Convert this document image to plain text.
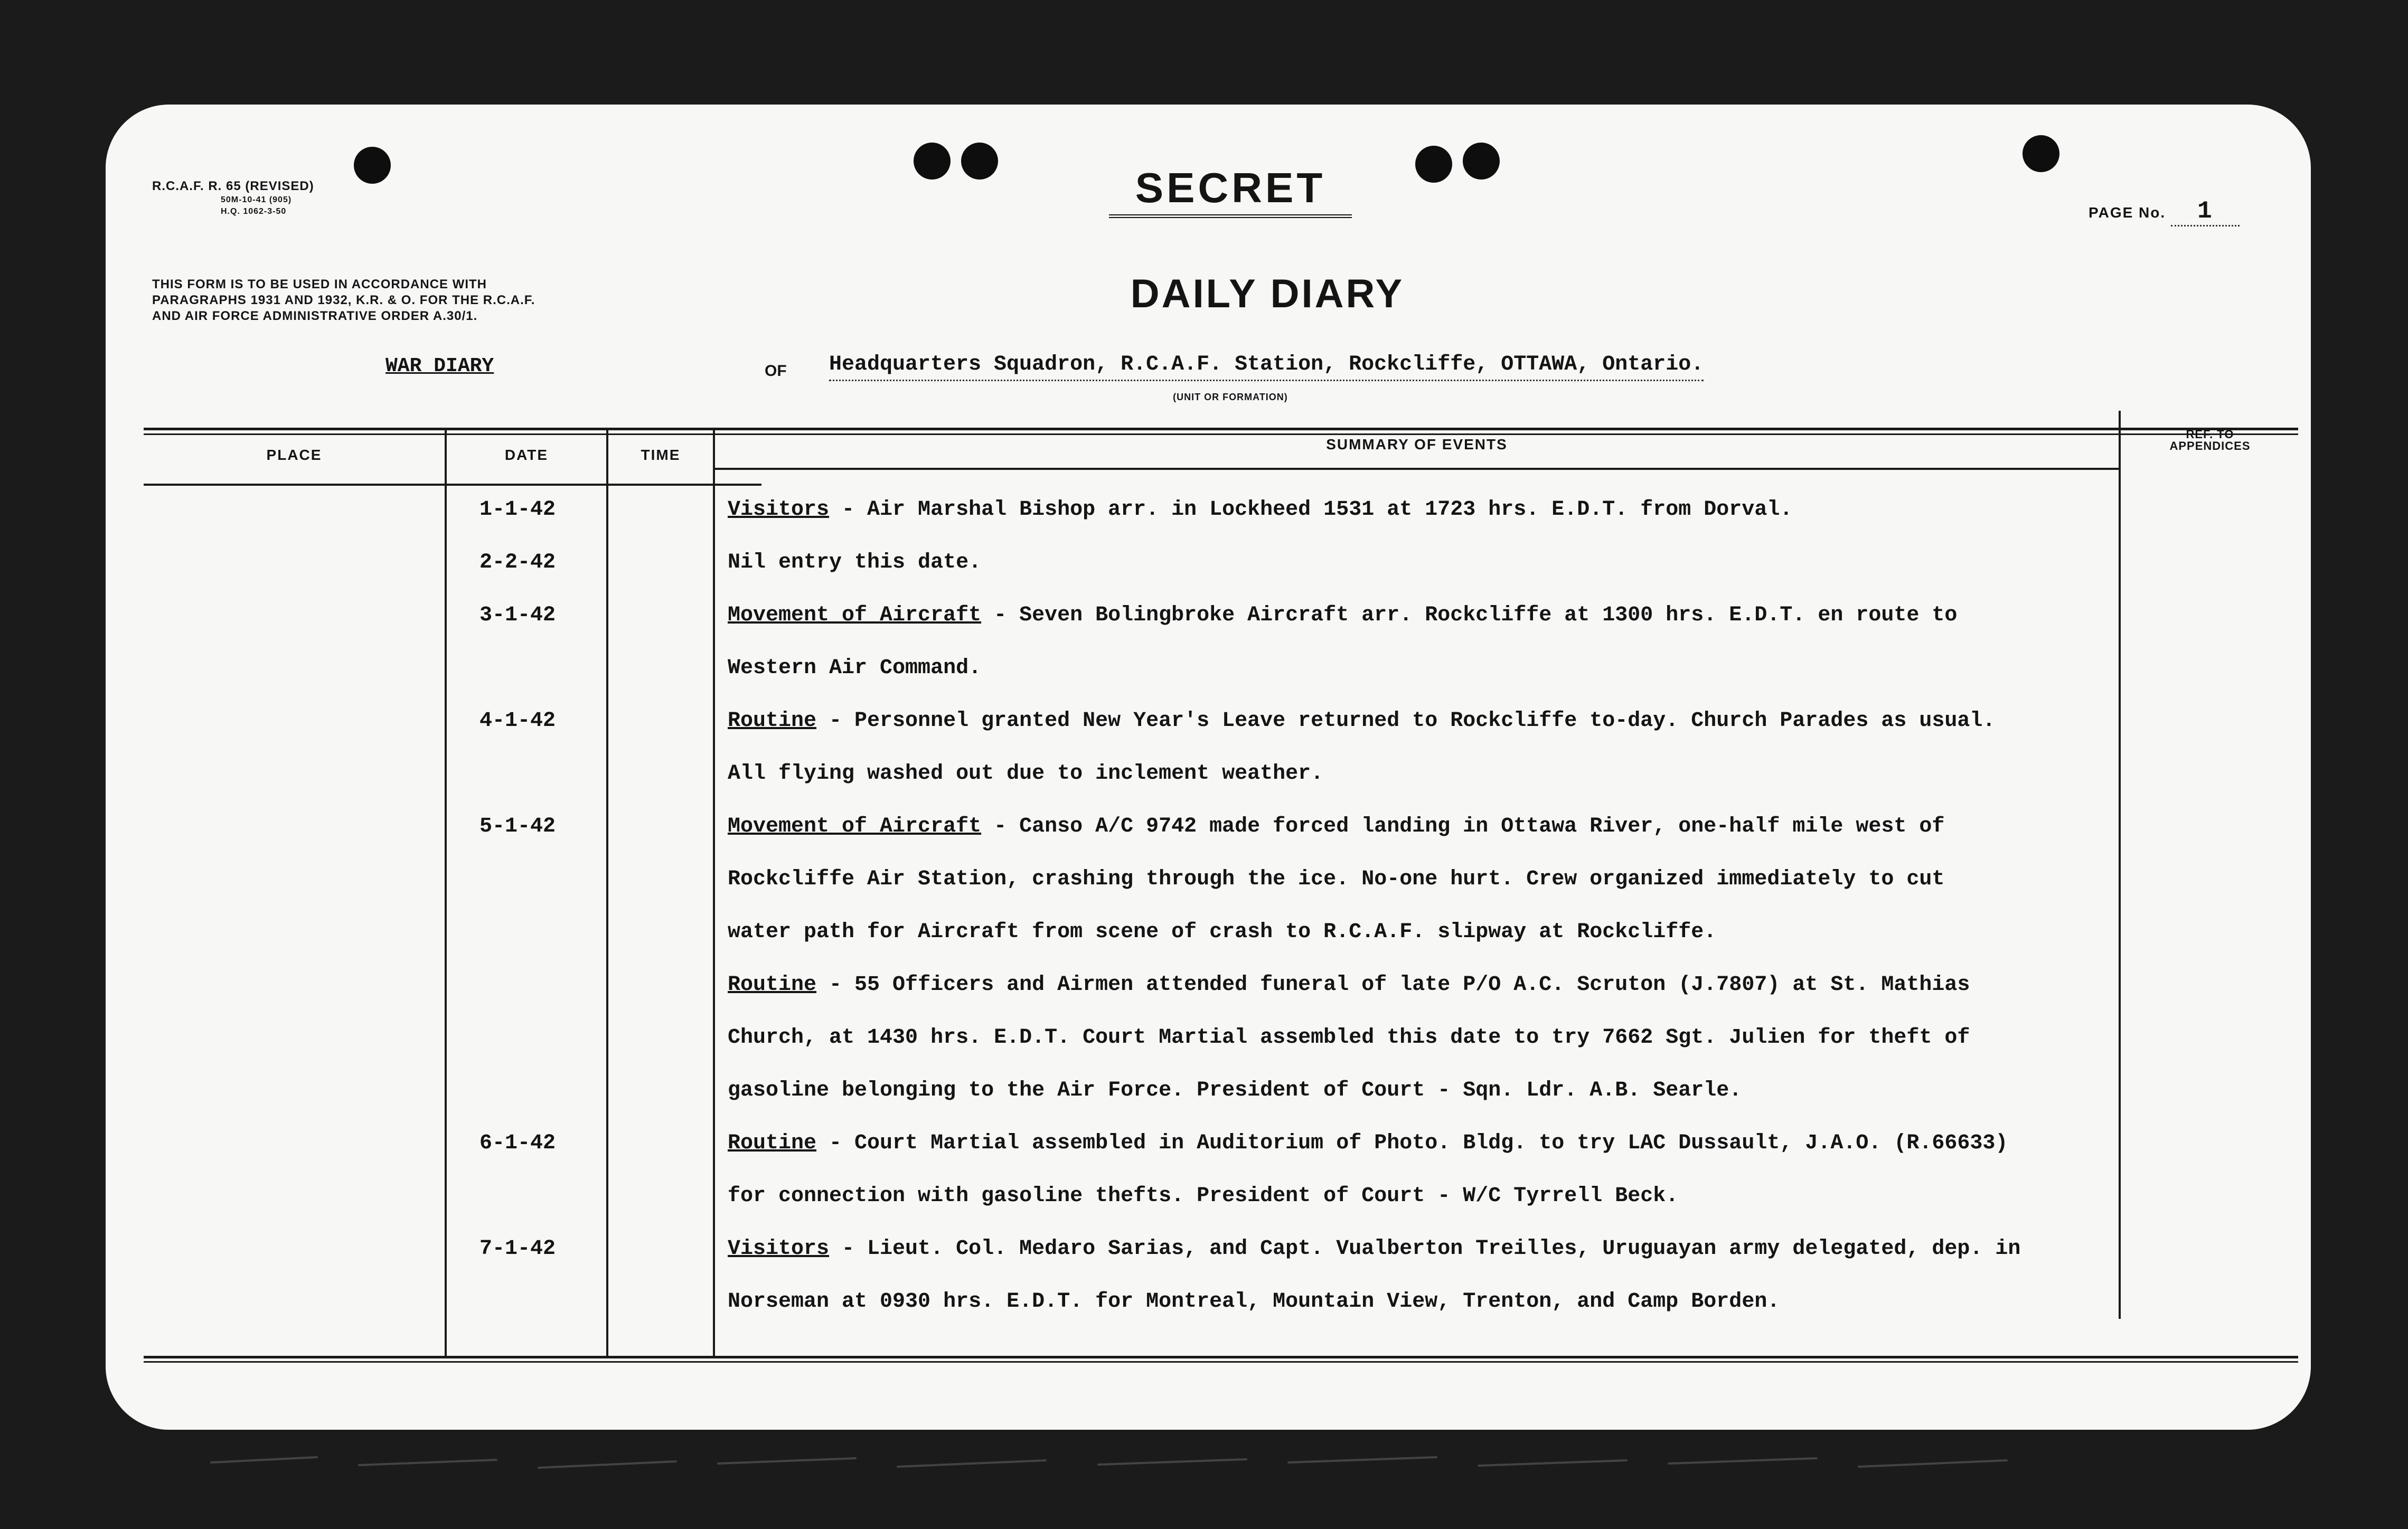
R.C.A.F. R. 65 (REVISED)
50M-10-41 (905)
H.Q. 1062-3-50
SECRET
PAGE No. 1
THIS FORM IS TO BE USED IN ACCORDANCE WITH PARAGRAPHS 1931 AND 1932, K.R. & O. FOR THE R.C.A.F. AND AIR FORCE ADMINISTRATIVE ORDER A.30/1.	DAILY DIARY
WAR DIARY	OF Headquarters Squadron, R.C.A.F. Station, Rockcliffe, OTTAWA, Ontario.
(UNIT OR FORMATION)
PLACE	DATE	TIME
SUMMARY OF EVENTS
REF. TO
APPENDICES
1-1-42	Visitors - Air Marshal Bishop arr. in Lockheed 1531 at 1723 hrs. E.D.T. from Dorval.
2-2-42	Nil entry this date.
3-1-42	Movement of Aircraft - Seven Bolingbroke Aircraft arr. Rockcliffe at 1300 hrs. E.D.T. en route to
Western Air Command.
4-1-42	Routine - Personnel granted New Year's Leave returned to Rockcliffe to-day. Church Parades as usual.
All flying washed out due to inclement weather.
5-1-42	Movement of Aircraft - Canso A/C 9742 made forced landing in Ottawa River, one-half mile west of
Rockcliffe Air Station, crashing through the ice. No-one hurt. Crew organized immediately to cut
water path for Aircraft from scene of crash to R.C.A.F. slipway at Rockcliffe.
Routine - 55 Officers and Airmen attended funeral of late P/O A.C. Scruton (J.7807) at St. Mathias
Church, at 1430 hrs. E.D.T. Court Martial assembled this date to try 7662 Sgt. Julien for theft of
gasoline belonging to the Air Force. President of Court - Sqn. Ldr. A.B. Searle.
6-1-42	Routine - Court Martial assembled in Auditorium of Photo. Bldg. to try LAC Dussault, J.A.O. (R.66633)
for connection with gasoline thefts. President of Court - W/C Tyrrell Beck.
7-1-42	Visitors - Lieut. Col. Medaro Sarias, and Capt. Vualberton Treilles, Uruguayan army delegated, dep. in
Norseman at 0930 hrs. E.D.T. for Montreal, Mountain View, Trenton, and Camp Borden.
